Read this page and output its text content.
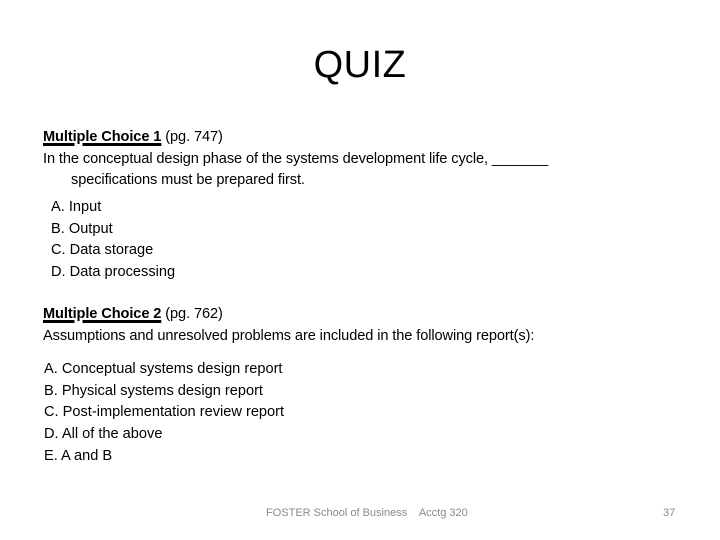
QUIZ
Multiple Choice 1 (pg. 747)
In the conceptual design phase of the systems development life cycle, _______
specifications must be prepared first.
A. Input
B. Output
C. Data storage
D. Data processing
Multiple Choice 2 (pg. 762)
Assumptions and unresolved problems are included in the following report(s):
A. Conceptual systems design report
B. Physical systems design report
C. Post-implementation review report
D. All of the above
E. A and B
FOSTER School of Business    Acctg 320	37
